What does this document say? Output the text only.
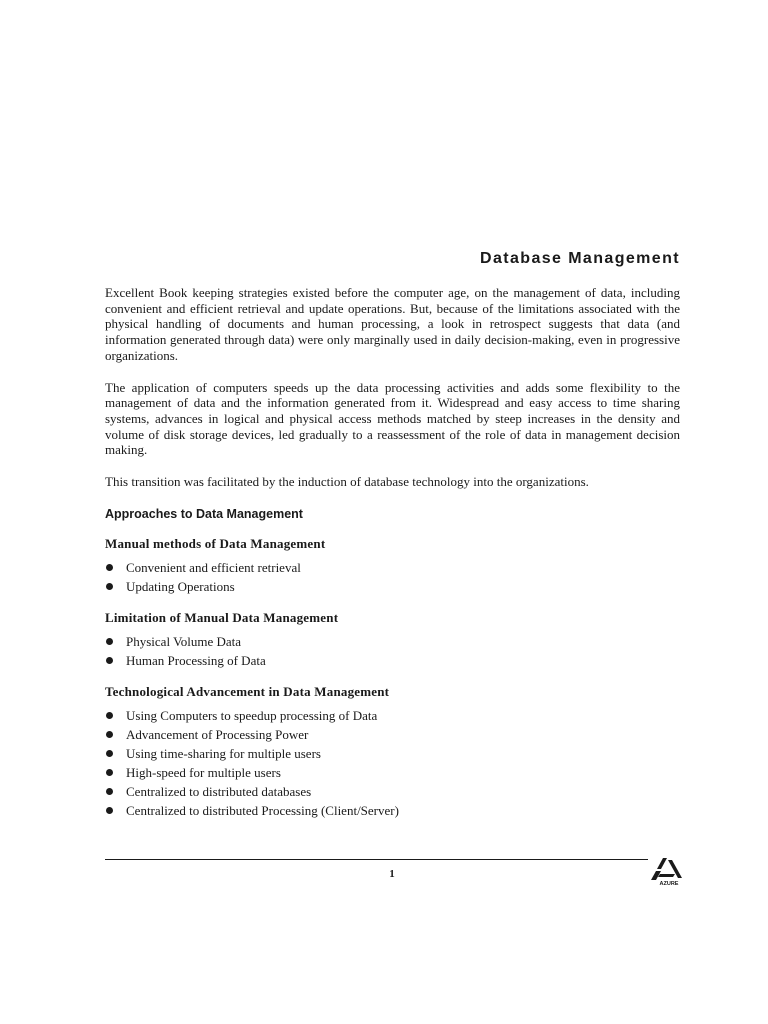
Database Management

Excellent Book keeping strategies existed before the computer age, on the management of data, including convenient and efficient retrieval and update operations. But, because of the limitations associated with the physical handling of documents and human processing, a look in retrospect suggests that data (and information generated through data) were only marginally used in daily decision-making, even in progressive organizations.

The application of computers speeds up the data processing activities and adds some flexibility to the management of data and the information generated from it. Widespread and easy access to time sharing systems, advances in logical and physical access methods matched by steep increases in the density and volume of disk storage devices, led gradually to a reassessment of the role of data in management decision making.

This transition was facilitated by the induction of database technology into the organizations.

Approaches to Data Management
Manual methods of Data Management
Convenient and efficient retrieval
Updating Operations
Limitation of Manual Data Management
Physical Volume Data
Human Processing of Data
Technological Advancement in Data Management
Using Computers to speedup processing of Data
Advancement of Processing Power
Using time-sharing for multiple users
High-speed for multiple users
Centralized to distributed databases
Centralized to distributed Processing (Client/Server)
1
AZURE
